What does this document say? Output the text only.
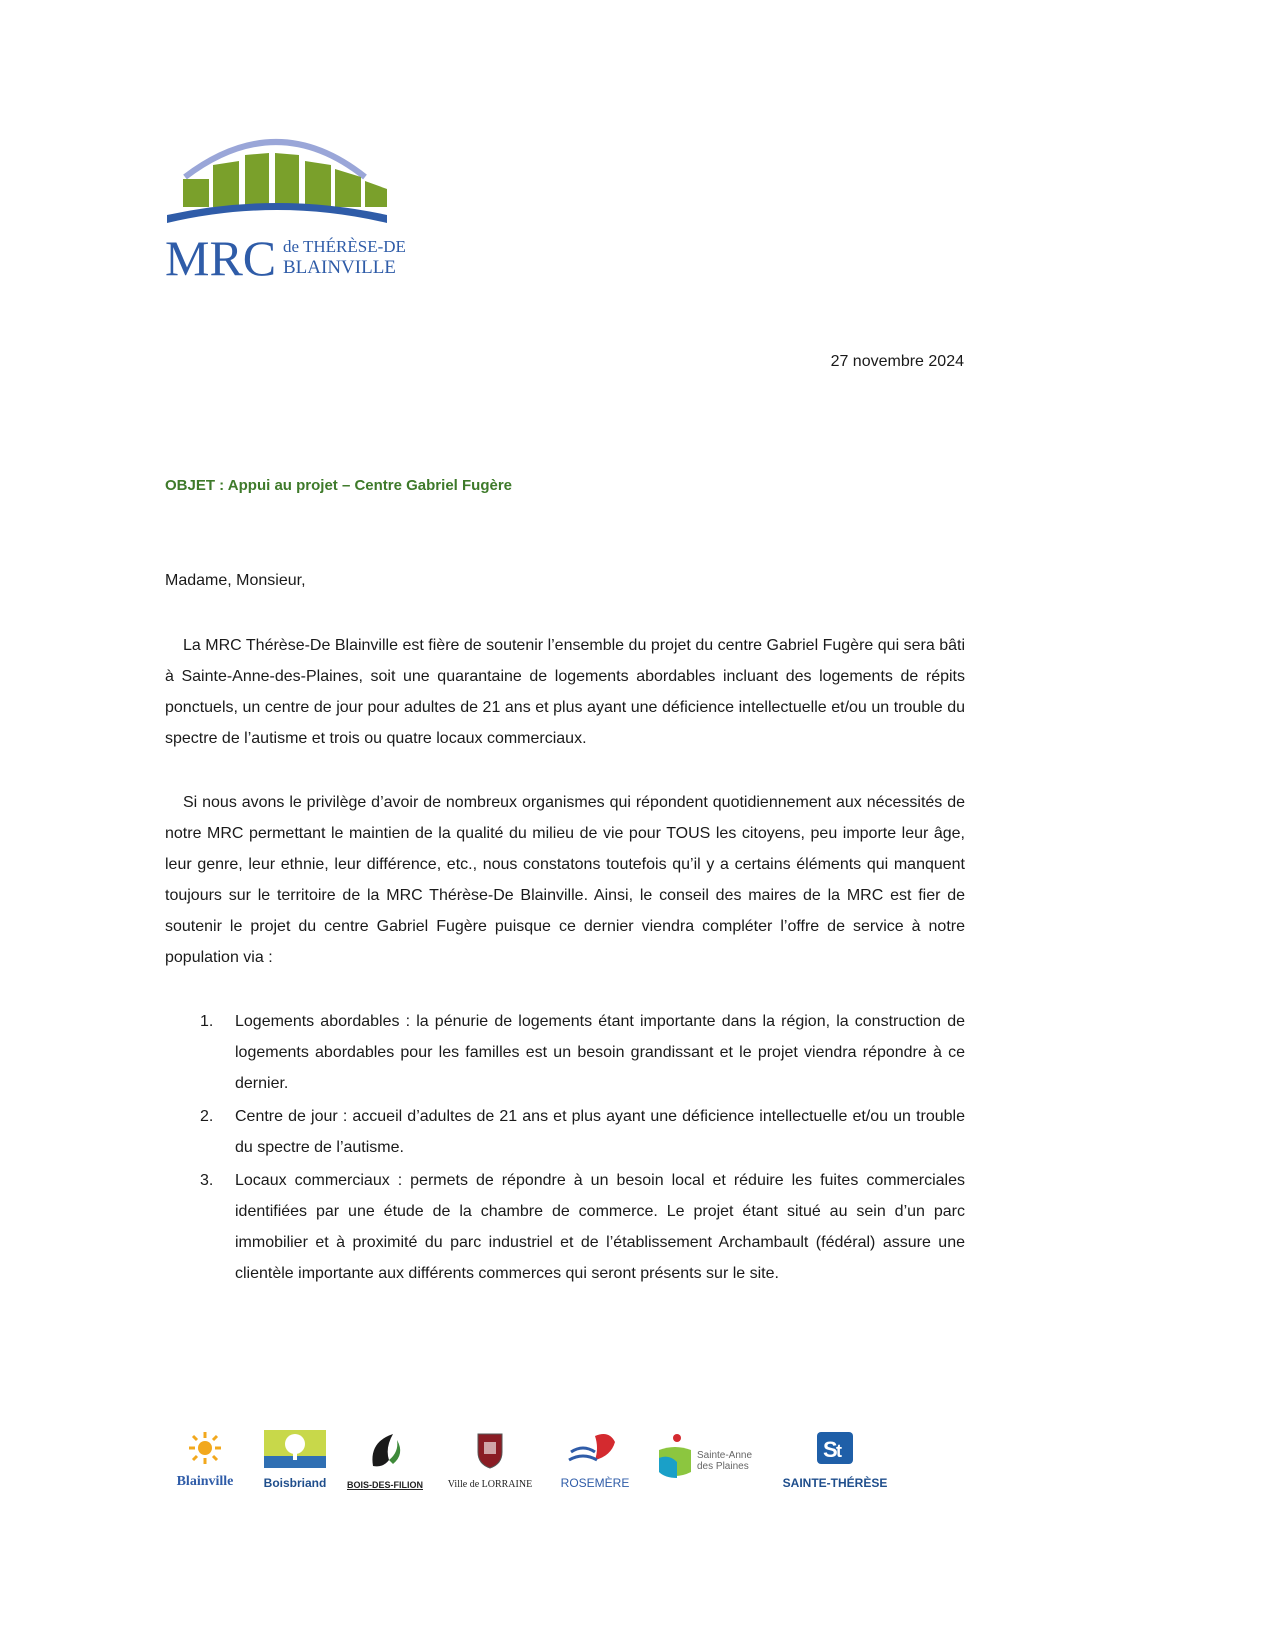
MRC de THÉRÈSE-DE
BLAINVILLE
27 novembre 2024
OBJET : Appui au projet – Centre Gabriel Fugère
Madame, Monsieur,

La MRC Thérèse-De Blainville est fière de soutenir l’ensemble du projet du centre Gabriel Fugère qui sera bâti à Sainte-Anne-des-Plaines, soit une quarantaine de logements abordables incluant des logements de répits ponctuels, un centre de jour pour adultes de 21 ans et plus ayant une déficience intellectuelle et/ou un trouble du spectre de l’autisme et trois ou quatre locaux commerciaux.

Si nous avons le privilège d’avoir de nombreux organismes qui répondent quotidiennement aux nécessités de notre MRC permettant le maintien de la qualité du milieu de vie pour TOUS les citoyens, peu importe leur âge, leur genre, leur ethnie, leur différence, etc., nous constatons toutefois qu’il y a certains éléments qui manquent toujours sur le territoire de la MRC Thérèse-De Blainville. Ainsi, le conseil des maires de la MRC est fier de soutenir le projet du centre Gabriel Fugère puisque ce dernier viendra compléter l’offre de service à notre population via :

1. Logements abordables : la pénurie de logements étant importante dans la région, la construction de logements abordables pour les familles est un besoin grandissant et le projet viendra répondre à ce dernier.
2. Centre de jour : accueil d’adultes de 21 ans et plus ayant une déficience intellectuelle et/ou un trouble du spectre de l’autisme.
3. Locaux commerciaux : permets de répondre à un besoin local et réduire les fuites commerciales identifiées par une étude de la chambre de commerce. Le projet étant situé au sein d’un parc immobilier et à proximité du parc industriel et de l’établissement Archambault (fédéral) assure une clientèle importante aux différents commerces qui seront présents sur le site.
Blainville	Boisbriand	BOIS-DES-FILION	Ville de LORRAINE	ROSEMÈRE
Sainte-Anne
des Plaines
S
t
SAINTE-THÉRÈSE
